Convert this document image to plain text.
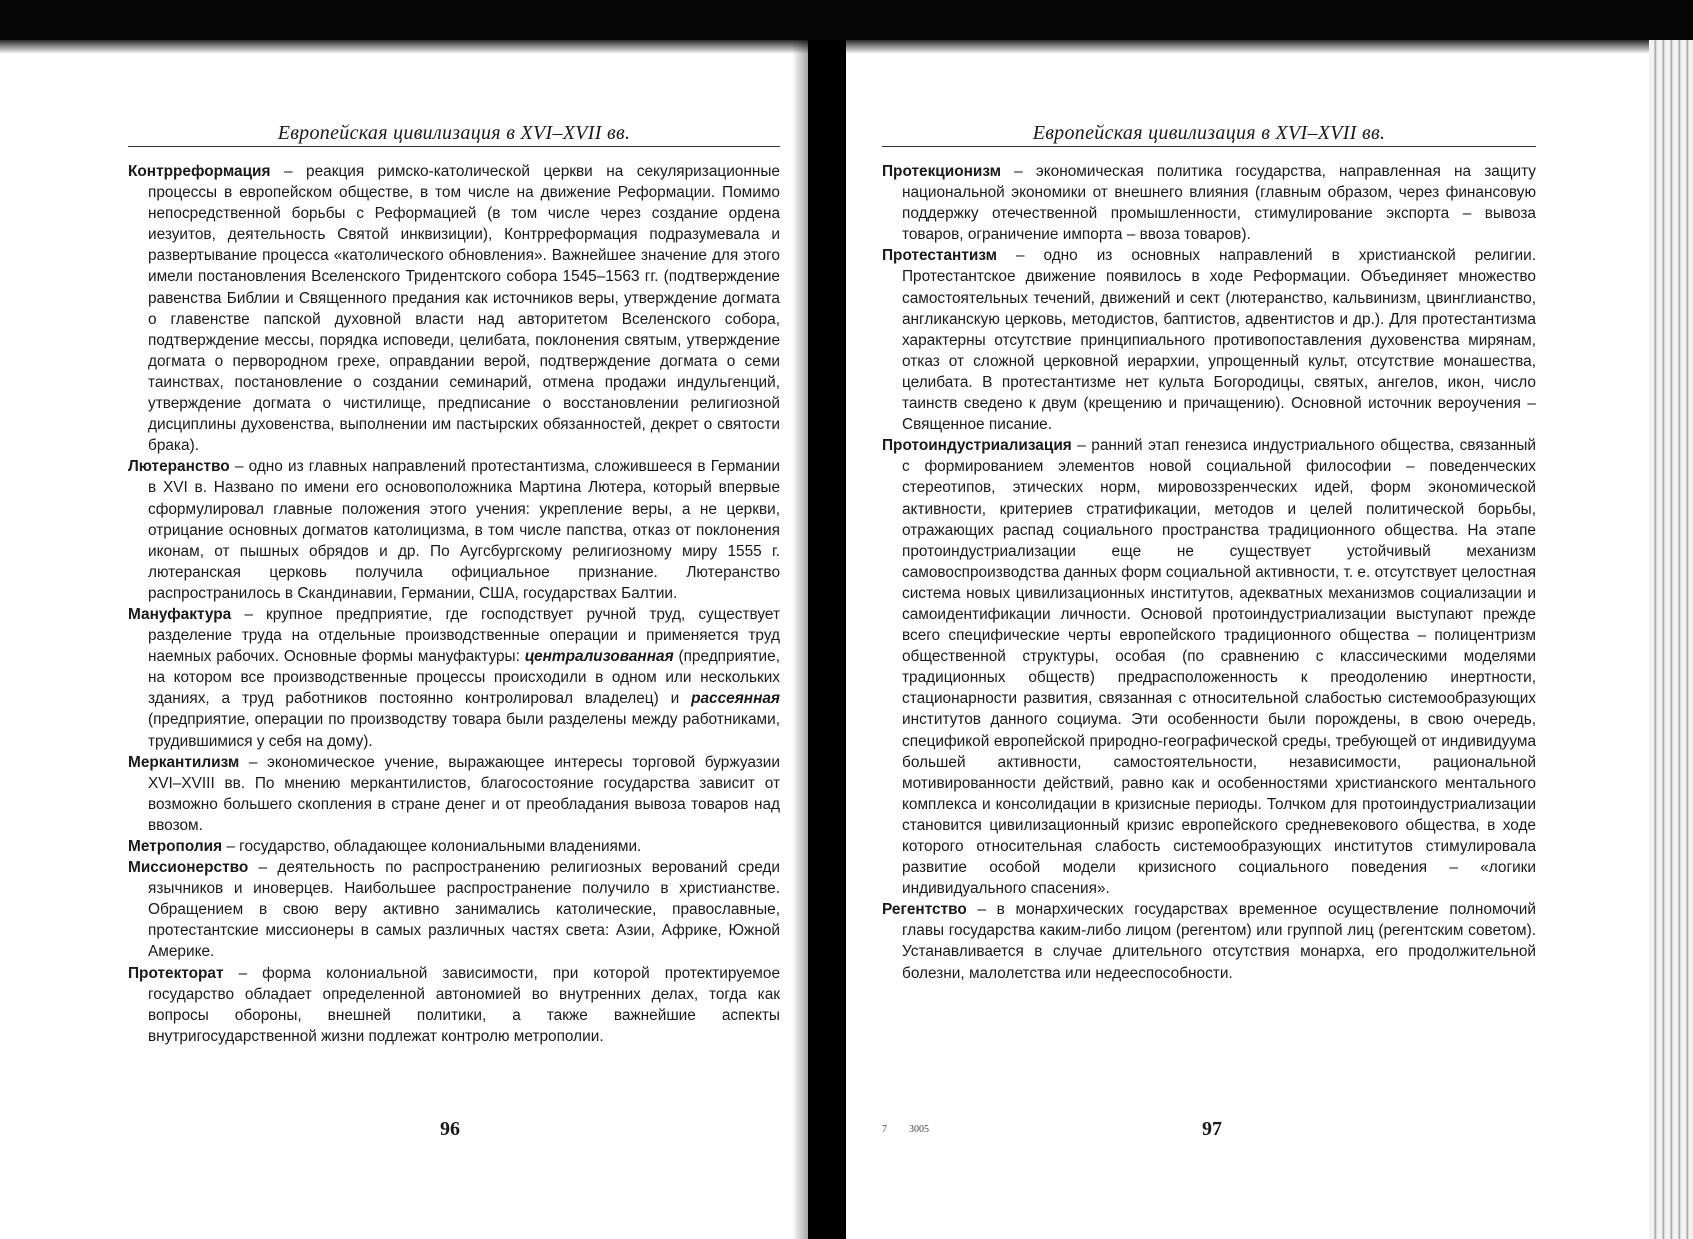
Европейская цивилизация в XVI–XVII вв.

Контрреформация – реакция римско-католической церкви на секуляризационные процессы в европейском обществе, в том числе на движение Реформации. Помимо непосредственной борьбы с Реформацией (в том числе через создание ордена иезуитов, деятельность Святой инквизиции), Контрреформация подразумевала и развертывание процесса «католического обновления». Важнейшее значение для этого имели постановления Вселенского Тридентского собора 1545–1563 гг. (подтверждение равенства Библии и Священного предания как источников веры, утверждение догмата о главенстве папской духовной власти над авторитетом Вселенского собора, подтверждение мессы, порядка исповеди, целибата, поклонения святым, утверждение догмата о первородном грехе, оправдании верой, подтверждение догмата о семи таинствах, постановление о создании семинарий, отмена продажи индульгенций, утверждение догмата о чистилище, предписание о восстановлении религиозной дисциплины духовенства, выполнении им пастырских обязанностей, декрет о святости брака).

Лютеранство – одно из главных направлений протестантизма, сложившееся в Германии в XVI в. Названо по имени его основоположника Мартина Лютера, который впервые сформулировал главные положения этого учения: укрепление веры, а не церкви, отрицание основных догматов католицизма, в том числе папства, отказ от поклонения иконам, от пышных обрядов и др. По Аугсбургскому религиозному миру 1555 г. лютеранская церковь получила официальное признание. Лютеранство распространилось в Скандинавии, Германии, США, государствах Балтии.

Мануфактура – крупное предприятие, где господствует ручной труд, существует разделение труда на отдельные производственные операции и применяется труд наемных рабочих. Основные формы мануфактуры: централизованная (предприятие, на котором все производственные процессы происходили в одном или нескольких зданиях, а труд работников постоянно контролировал владелец) и рассеянная (предприятие, операции по производству товара были разделены между работниками, трудившимися у себя на дому).

Меркантилизм – экономическое учение, выражающее интересы торговой буржуазии XVI–XVIII вв. По мнению меркантилистов, благосостояние государства зависит от возможно большего скопления в стране денег и от преобладания вывоза товаров над ввозом.

Метрополия – государство, обладающее колониальными владениями.

Миссионерство – деятельность по распространению религиозных верований среди язычников и иноверцев. Наибольшее распространение получило в христианстве. Обращением в свою веру активно занимались католические, православные, протестантские миссионеры в самых различных частях света: Азии, Африке, Южной Америке.

Протекторат – форма колониальной зависимости, при которой протектируемое государство обладает определенной автономией во внутренних делах, тогда как вопросы обороны, внешней политики, а также важнейшие аспекты внутригосударственной жизни подлежат контролю метрополии.

96
Европейская цивилизация в XVI–XVII вв.

Протекционизм – экономическая политика государства, направленная на защиту национальной экономики от внешнего влияния (главным образом, через финансовую поддержку отечественной промышленности, стимулирование экспорта – вывоза товаров, ограничение импорта – ввоза товаров).

Протестантизм – одно из основных направлений в христианской религии. Протестантское движение появилось в ходе Реформации. Объединяет множество самостоятельных течений, движений и сект (лютеранство, кальвинизм, цвинглианство, англиканскую церковь, методистов, баптистов, адвентистов и др.). Для протестантизма характерны отсутствие принципиального противопоставления духовенства мирянам, отказ от сложной церковной иерархии, упрощенный культ, отсутствие монашества, целибата. В протестантизме нет культа Богородицы, святых, ангелов, икон, число таинств сведено к двум (крещению и причащению). Основной источник вероучения – Священное писание.

Протоиндустриализация – ранний этап генезиса индустриального общества, связанный с формированием элементов новой социальной философии – поведенческих стереотипов, этических норм, мировоззренческих идей, форм экономической активности, критериев стратификации, методов и целей политической борьбы, отражающих распад социального пространства традиционного общества. На этапе протоиндустриализации еще не существует устойчивый механизм самовоспроизводства данных форм социальной активности, т. е. отсутствует целостная система новых цивилизационных институтов, адекватных механизмов социализации и самоидентификации личности. Основой протоиндустриализации выступают прежде всего специфические черты европейского традиционного общества – полицентризм общественной структуры, особая (по сравнению с классическими моделями традиционных обществ) предрасположенность к преодолению инертности, стационарности развития, связанная с относительной слабостью системообразующих институтов данного социума. Эти особенности были порождены, в свою очередь, спецификой европейской природно-географической среды, требующей от индивидуума большей активности, самостоятельности, независимости, рациональной мотивированности действий, равно как и особенностями христианского ментального комплекса и консолидации в кризисные периоды. Толчком для протоиндустриализации становится цивилизационный кризис европейского средневекового общества, в ходе которого относительная слабость системообразующих институтов стимулировала развитие особой модели кризисного социального поведения – «логики индивидуального спасения».

Регентство – в монархических государствах временное осуществление полномочий главы государства каким-либо лицом (регентом) или группой лиц (регентским советом). Устанавливается в случае длительного отсутствия монарха, его продолжительной болезни, малолетства или недееспособности.

7 3005	97
